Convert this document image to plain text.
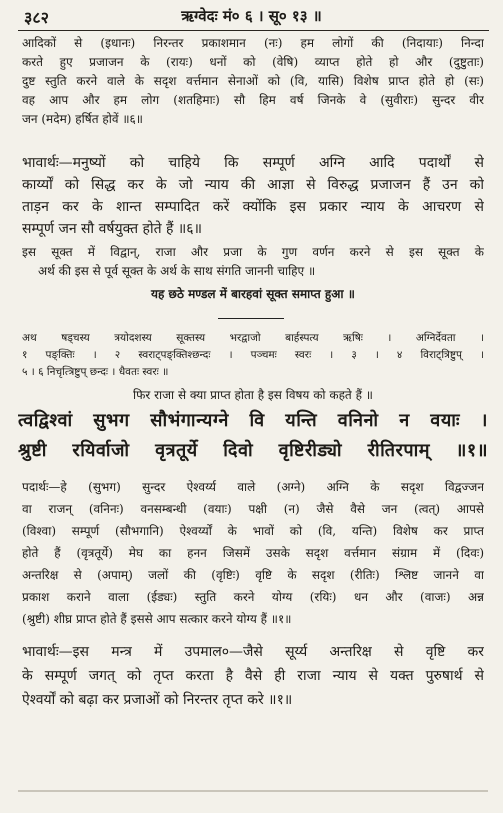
३८२	ऋग्वेदः मं० ६ । सू० १३ ॥
आदिकों से (इधानः) निरन्तर प्रकाशमान (नः) हम लोगों की (निदायाः) निन्दा
करते हुए प्रजाजन के (रायः) धनों को (वेषि) व्याप्त होते हो और (दुष्टुताः)
दुष्ट स्तुति करने वाले के सदृश वर्त्तमान सेनाओं को (वि, यासि) विशेष प्राप्त होते हो (सः)
वह आप और हम लोग (शतहिमाः) सौ हिम वर्ष जिनके वे (सुवीराः) सुन्दर वीर
जन (मदेम) हर्षित होवें ॥६॥
भावार्थः—मनुष्यों को चाहिये कि सम्पूर्ण अग्नि आदि पदार्थों से
कार्य्यों को सिद्ध कर के जो न्याय की आज्ञा से विरुद्ध प्रजाजन हैं उन को
ताड़न कर के शान्त सम्पादित करें क्योंकि इस प्रकार न्याय के आचरण से
सम्पूर्ण जन सौ वर्षयुक्त होते हैं ॥६॥
इस सूक्त में विद्वान्, राजा और प्रजा के गुण वर्णन करने से इस सूक्त के
अर्थ की इस से पूर्व सूक्त के अर्थ के साथ संगति जाननी चाहिए ॥
यह छठे मण्डल में बारहवां सूक्त समाप्त हुआ ॥
अथ षड्चस्य त्रयोदशस्य सूक्तस्य भरद्वाजो बार्हस्पत्य ऋषिः । अग्निर्देवता ।
१ पङ्क्तिः । २ स्वराट्पङ्क्तिश्छन्दः । पञ्चमः स्वरः । ३ । ४ विराट्त्रिष्टुप् ।
५ । ६ निचृत्त्रिष्टुप् छन्दः । धैवतः स्वरः ॥
फिर राजा से क्या प्राप्त होता है इस विषय को कहते हैं ॥
त्वद्विश्वां सुभग सौभंगान्यग्ने वि यन्ति वनिनो न वयाः ।
श्रुष्टी रयिर्वाजो वृत्रतूर्ये दिवो वृष्टिरीड्यो रीतिरपाम् ॥१॥
पदार्थः—हे (सुभग) सुन्दर ऐश्वर्य्य वाले (अग्ने) अग्नि के सदृश विद्वज्जन
वा राजन् (वनिनः) वनसम्बन्धी (वयाः) पक्षी (न) जैसे वैसे जन (त्वत्) आपसे
(विश्वा) सम्पूर्ण (सौभगानि) ऐश्वर्य्यों के भावों को (वि, यन्ति) विशेष कर प्राप्त
होते हैं (वृत्रतूर्ये) मेघ का हनन जिसमें उसके सदृश वर्त्तमान संग्राम में (दिवः)
अन्तरिक्ष से (अपाम्) जलों की (वृष्टिः) वृष्टि के सदृश (रीतिः) श्लिष्ट जानने वा
प्रकाश कराने वाला (ईड्यः) स्तुति करने योग्य (रयिः) धन और (वाजः) अन्न
(श्रुष्टी) शीघ्र प्राप्त होते हैं इससे आप सत्कार करने योग्य हैं ॥१॥
भावार्थः—इस मन्त्र में उपमाल०—जैसे सूर्य्य अन्तरिक्ष से वृष्टि कर
के सम्पूर्ण जगत् को तृप्त करता है वैसे ही राजा न्याय से यक्त पुरुषार्थ से
ऐश्वर्यों को बढ़ा कर प्रजाओं को निरन्तर तृप्त करे ॥१॥
